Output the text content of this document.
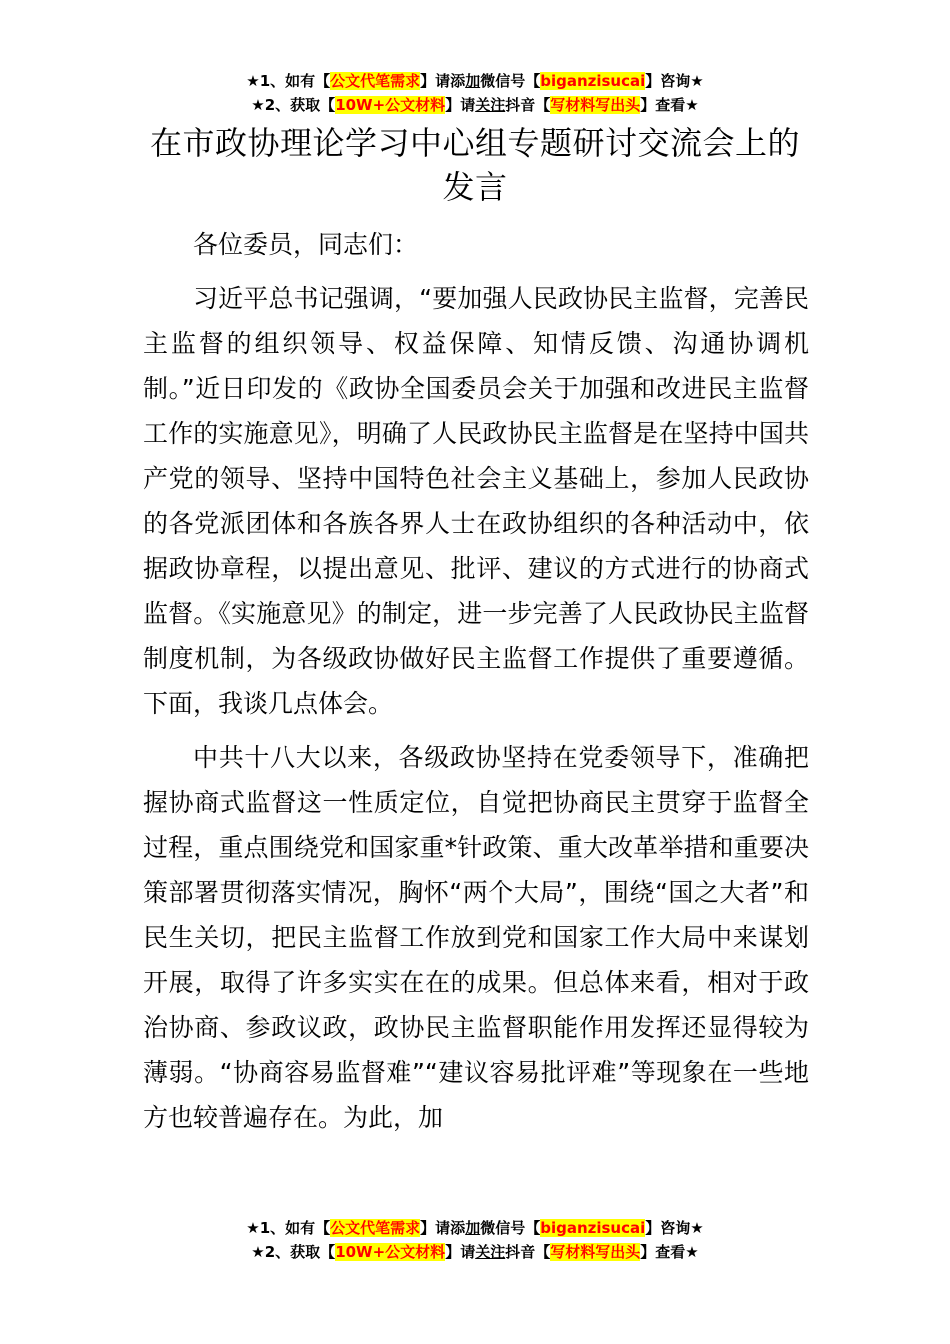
★1、如有【公文代笔需求】请添加微信号【biganzisucai】咨询★
★2、获取【10W+公文材料】请关注抖音【写材料写出头】查看★
在市政协理论学习中心组专题研讨交流会上的发言

各位委员，同志们：

习近平总书记强调，“要加强人民政协民主监督，完善民主监督的组织领导、权益保障、知情反馈、沟通协调机制。”近日印发的《政协全国委员会关于加强和改进民主监督工作的实施意见》，明确了人民政协民主监督是在坚持中国共产党的领导、坚持中国特色社会主义基础上，参加人民政协的各党派团体和各族各界人士在政协组织的各种活动中，依据政协章程，以提出意见、批评、建议的方式进行的协商式监督。《实施意见》的制定，进一步完善了人民政协民主监督制度机制，为各级政协做好民主监督工作提供了重要遵循。下面，我谈几点体会。

中共十八大以来，各级政协坚持在党委领导下，准确把握协商式监督这一性质定位，自觉把协商民主贯穿于监督全过程，重点围绕党和国家重*针政策、重大改革举措和重要决策部署贯彻落实情况，胸怀“两个大局”，围绕“国之大者”和民生关切，把民主监督工作放到党和国家工作大局中来谋划开展，取得了许多实实在在的成果。但总体来看，相对于政治协商、参政议政，政协民主监督职能作用发挥还显得较为薄弱。“协商容易监督难”“建议容易批评难”等现象在一些地方也较普遍存在。为此，加

★1、如有【公文代笔需求】请添加微信号【biganzisucai】咨询★
★2、获取【10W+公文材料】请关注抖音【写材料写出头】查看★
